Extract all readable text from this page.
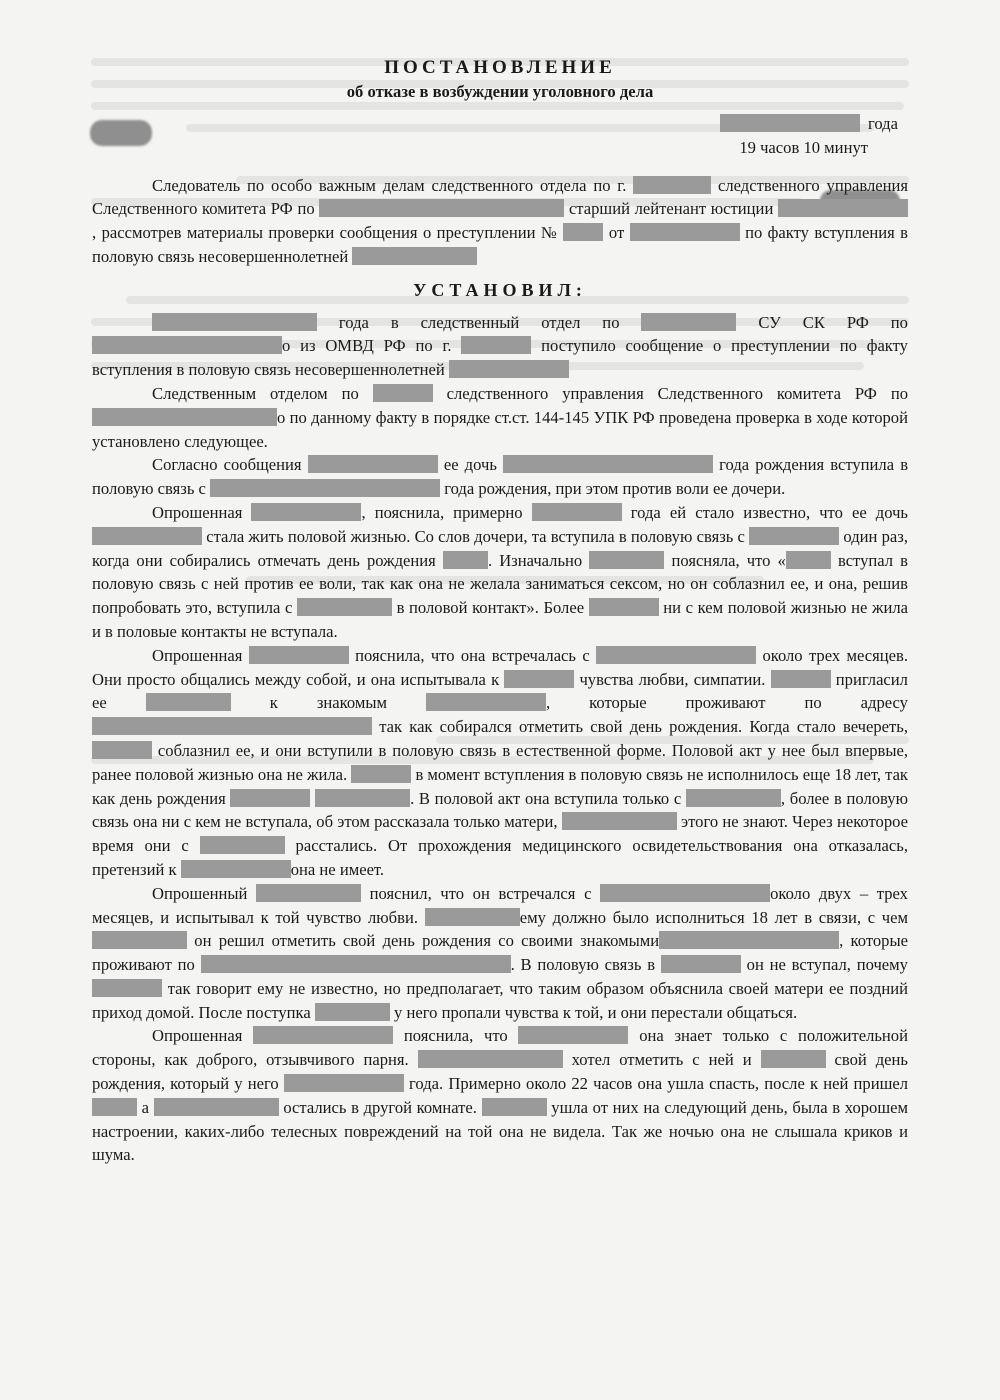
ПОСТАНОВЛЕНИЕ
об отказе в возбуждении уголовного дела
года
19 часов 10 минут

Следователь по особо важным делам следственного отдела по г.	следственного управления Следственного комитета РФ по	старший лейтенант юстиции , рассмотрев материалы проверки сообщения о преступлении №	от	по факту вступления в половую связь несовершеннолетней

УСТАНОВИЛ:

года в следственный отдел по	СУ СК РФ по о из ОМВД РФ по г.	поступило сообщение о преступлении по факту вступления в половую связь несовершеннолетней

Следственным отделом по	следственного управления Следственного комитета РФ по о по данному факту в порядке ст.ст. 144-145 УПК РФ проведена проверка в ходе которой установлено следующее.

Согласно сообщения	ее дочь	года рождения вступила в половую связь с	года рождения, при этом против воли ее дочери.

Опрошенная	, пояснила, примерно	года ей стало известно, что ее дочь  стала жить половой жизнью. Со слов дочери, та вступила в половую связь с	один раз, когда они собирались отмечать день рождения	. Изначально	поясняла, что «	вступал в половую связь с ней против ее воли, так как она не желала заниматься сексом, но он соблазнил ее, и она, решив попробовать это, вступила с	в половой контакт». Более	ни с кем половой жизнью не жила и в половые контакты не вступала.

Опрошенная	пояснила, что она встречалась с	около трех месяцев. Они просто общались между собой, и она испытывала к	чувства любви, симпатии.	пригласил ее	к знакомым	, которые проживают по адресу так как собирался отметить свой день рождения. Когда стало вечереть,  соблазнил ее, и они вступили в половую связь в естественной форме. Половой акт у нее был впервые, ранее половой жизнью она не жила.	в момент вступления в половую связь не исполнилось еще 18 лет, так как день рождения	. В половой акт она вступила только с	, более в половую связь она ни с кем не вступала, об этом рассказала только матери,	этого не знают. Через некоторое время они с	расстались. От прохождения медицинского освидетельствования она отказалась, претензий к	она не имеет.

Опрошенный	пояснил, что он встречался с	около двух – трех месяцев, и испытывал к той чувство любви.	ему должно было исполниться 18 лет в связи, с чем  он решил отметить свой день рождения со своими знакомыми	, которые проживают по	. В половую связь в	он не вступал, почему  так говорит ему не известно, но предполагает, что таким образом объяснила своей матери ее поздний приход домой. После поступка	у него пропали чувства к той, и они перестали общаться.

Опрошенная	пояснила, что	она знает только с положительной стороны, как доброго, отзывчивого парня.	хотел отметить с ней и	свой день рождения, который у него	года. Примерно около 22 часов она ушла спасть, после к ней пришел  а	остались в другой комнате.	ушла от них на следующий день, была в хорошем настроении, каких-либо телесных повреждений на той она не видела. Так же ночью она не слышала криков и шума.
